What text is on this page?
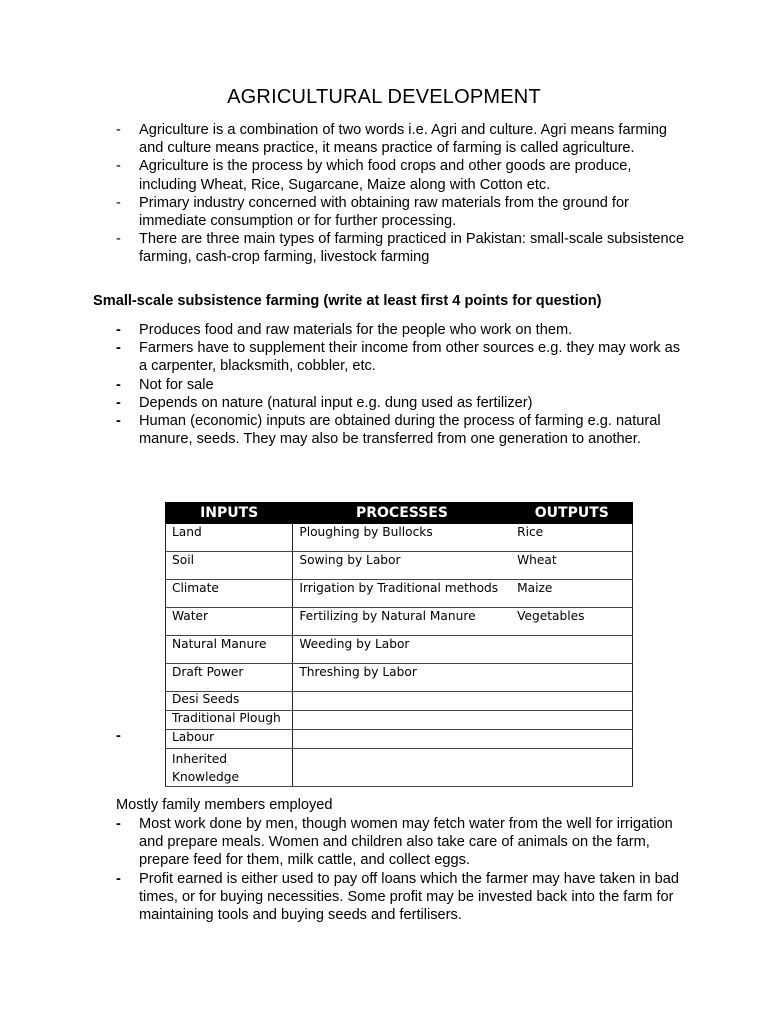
AGRICULTURAL DEVELOPMENT
- Agriculture is a combination of two words i.e. Agri and culture. Agri means farming and culture means practice, it means practice of farming is called agriculture.
- Agriculture is the process by which food crops and other goods are produce, including Wheat, Rice, Sugarcane, Maize along with Cotton etc.
- Primary industry concerned with obtaining raw materials from the ground for immediate consumption or for further processing.
- There are three main types of farming practiced in Pakistan: small-scale subsistence farming, cash-crop farming, livestock farming
Small-scale subsistence farming (write at least first 4 points for question)
- Produces food and raw materials for the people who work on them.
- Farmers have to supplement their income from other sources e.g. they may work as a carpenter, blacksmith, cobbler, etc.
- Not for sale
- Depends on nature (natural input e.g. dung used as fertilizer)
- Human (economic) inputs are obtained during the process of farming e.g. natural manure, seeds. They may also be transferred from one generation to another.
-
INPUTS	PROCESSES	OUTPUTS
Land	Ploughing by Bullocks	Rice
Soil	Sowing by Labor	Wheat
Climate	Irrigation by Traditional methods	Maize
Water	Fertilizing by Natural Manure	Vegetables
Natural Manure	Weeding by Labor	
Draft Power	Threshing by Labor	
Desi Seeds		
Traditional Plough		
Labour		
Inherited Knowledge		
Mostly family members employed
- Most work done by men, though women may fetch water from the well for irrigation and prepare meals. Women and children also take care of animals on the farm, prepare feed for them, milk cattle, and collect eggs.
- Profit earned is either used to pay off loans which the farmer may have taken in bad times, or for buying necessities. Some profit may be invested back into the farm for maintaining tools and buying seeds and fertilisers.
